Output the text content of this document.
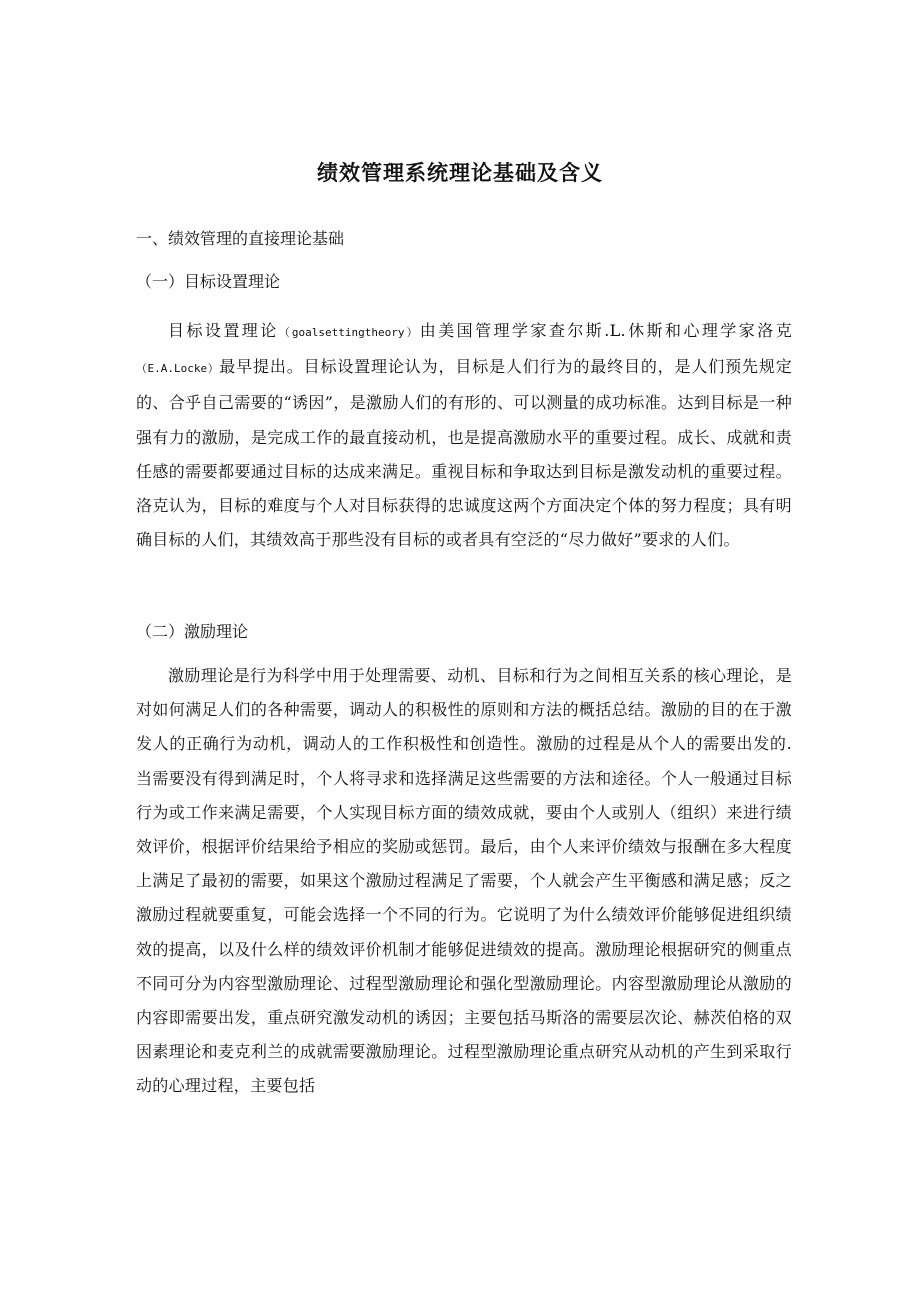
绩效管理系统理论基础及含义
一、绩效管理的直接理论基础
（一）目标设置理论

目标设置理论（goalsettingtheory）由美国管理学家查尔斯.L.休斯和心理学家洛克（E.A.Locke）最早提出。目标设置理论认为，目标是人们行为的最终目的，是人们预先规定的、合乎自己需要的“诱因”，是激励人们的有形的、可以测量的成功标准。达到目标是一种强有力的激励，是完成工作的最直接动机，也是提高激励水平的重要过程。成长、成就和责任感的需要都要通过目标的达成来满足。重视目标和争取达到目标是激发动机的重要过程。洛克认为，目标的难度与个人对目标获得的忠诚度这两个方面决定个体的努力程度；具有明确目标的人们，其绩效高于那些没有目标的或者具有空泛的“尽力做好”要求的人们。

（二）激励理论

激励理论是行为科学中用于处理需要、动机、目标和行为之间相互关系的核心理论，是对如何满足人们的各种需要，调动人的积极性的原则和方法的概括总结。激励的目的在于激发人的正确行为动机，调动人的工作积极性和创造性。激励的过程是从个人的需要出发的.当需要没有得到满足时，个人将寻求和选择满足这些需要的方法和途径。个人一般通过目标行为或工作来满足需要，个人实现目标方面的绩效成就，要由个人或别人（组织）来进行绩效评价，根据评价结果给予相应的奖励或惩罚。最后，由个人来评价绩效与报酬在多大程度上满足了最初的需要，如果这个激励过程满足了需要，个人就会产生平衡感和满足感；反之激励过程就要重复，可能会选择一个不同的行为。它说明了为什么绩效评价能够促进组织绩效的提高，以及什么样的绩效评价机制才能够促进绩效的提高。激励理论根据研究的侧重点不同可分为内容型激励理论、过程型激励理论和强化型激励理论。内容型激励理论从激励的内容即需要出发，重点研究激发动机的诱因；主要包括马斯洛的需要层次论、赫茨伯格的双因素理论和麦克利兰的成就需要激励理论。过程型激励理论重点研究从动机的产生到采取行动的心理过程，主要包括
